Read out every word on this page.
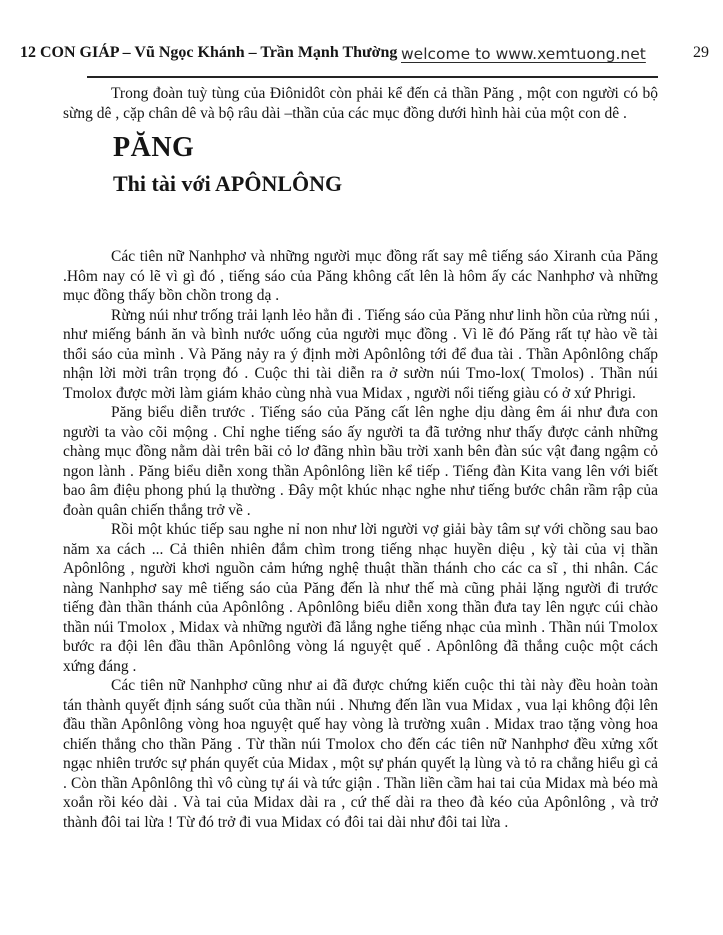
12 CON GIÁP – Vũ Ngọc Khánh – Trần Mạnh Thường welcome to www.xemtuong.net	29

Trong đoàn tuỳ tùng của Điônidôt còn phải kể đến cả thần Păng , một con người có bộ sừng dê , cặp chân dê và bộ râu dài –thần của các mục đồng dưới hình hài của một con dê .

PĂNG
Thi tài với APÔNLÔNG

Các tiên nữ Nanhphơ và những người mục đồng rất say mê tiếng sáo Xiranh của Păng .Hôm nay có lẽ vì gì đó , tiếng sáo của Păng không cất lên là hôm ấy các Nanhphơ và những mục đồng thấy bồn chồn trong dạ .

Rừng núi như trống trải lạnh lẻo hẳn đi . Tiếng sáo của Păng như linh hồn của rừng núi , như miếng bánh ăn và bình nước uống của người mục đồng . Vì lẽ đó Păng rất tự hào về tài thổi sáo của mình . Và Păng nảy ra ý định mời Apônlông tới để đua tài . Thần Apônlông chấp nhận lời mời trân trọng đó . Cuộc thi tài diễn ra ở sườn núi Tmo-lox( Tmolos) . Thần núi Tmolox được mời làm giám khảo cùng nhà vua Midax , người nổi tiếng giàu có ở xứ Phrigi.

Păng biểu diễn trước . Tiếng sáo của Păng cất lên nghe dịu dàng êm ái như đưa con người ta vào cõi mộng . Chỉ nghe tiếng sáo ấy người ta đã tưởng như thấy được cảnh những chàng mục đồng nằm dài trên bãi cỏ lơ đãng nhìn bầu trời xanh bên đàn súc vật đang ngậm cỏ ngon lành . Păng biểu diễn xong thần Apônlông liền kể tiếp . Tiếng đàn Kita vang lên với biết bao âm điệu phong phú lạ thường . Đây một khúc nhạc nghe như tiếng bước chân rầm rập của đoàn quân chiến thắng trở về .

Rồi một khúc tiếp sau nghe nỉ non như lời người vợ giải bày tâm sự với chồng sau bao năm xa cách ... Cả thiên nhiên đắm chìm trong tiếng nhạc huyền diệu , kỳ tài của vị thần Apônlông , người khơi nguồn cảm hứng nghệ thuật thần thánh cho các ca sĩ , thi nhân. Các nàng Nanhphơ say mê tiếng sáo của Păng đến là như thế mà cũng phải lặng người đi trước tiếng đàn thần thánh của Apônlông . Apônlông biểu diễn xong thần đưa tay lên ngực cúi chào thần núi Tmolox , Midax và những người đã lắng nghe tiếng nhạc của mình . Thần núi Tmolox bước ra đội lên đầu thần Apônlông vòng lá nguyệt quế . Apônlông đã thắng cuộc một cách xứng đáng .

Các tiên nữ Nanhphơ cũng như ai đã được chứng kiến cuộc thi tài này đều hoàn toàn tán thành quyết định sáng suốt của thần núi . Nhưng đến lần vua Midax , vua lại không đội lên đầu thần Apônlông vòng hoa nguyệt quế hay vòng là trường xuân . Midax trao tặng vòng hoa chiến thắng cho thần Păng . Từ thần núi Tmolox cho đến các tiên nữ Nanhphơ đều xửng xốt ngạc nhiên trước sự phán quyết của Midax , một sự phán quyết lạ lùng và tỏ ra chẳng hiểu gì cả . Còn thần Apônlông thì vô cùng tự ái và tức giận . Thần liền cầm hai tai của Midax mà béo mà xoắn rồi kéo dài . Và tai của Midax dài ra , cứ thế dài ra theo đà kéo của Apônlông , và trở thành đôi tai lừa ! Từ đó trở đi vua Midax có đôi tai dài như đôi tai lừa .
